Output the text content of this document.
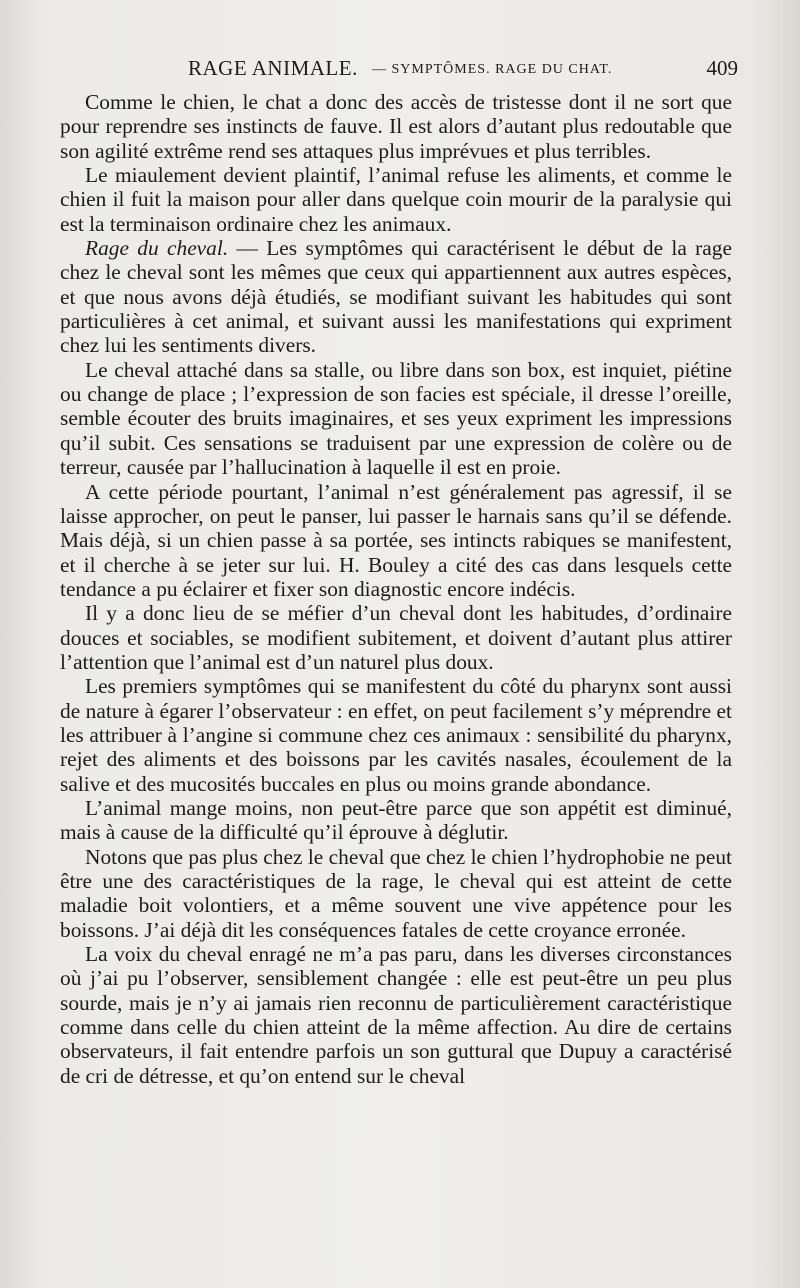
RAGE ANIMALE. — SYMPTÔMES. RAGE DU CHAT.	409

Comme le chien, le chat a donc des accès de tristesse dont il ne sort que pour reprendre ses instincts de fauve. Il est alors d’autant plus redoutable que son agilité extrême rend ses attaques plus imprévues et plus terribles.

Le miaulement devient plaintif, l’animal refuse les aliments, et comme le chien il fuit la maison pour aller dans quelque coin mourir de la paralysie qui est la terminaison ordinaire chez les animaux.

Rage du cheval. — Les symptômes qui caractérisent le début de la rage chez le cheval sont les mêmes que ceux qui appartiennent aux autres espèces, et que nous avons déjà étudiés, se modifiant suivant les habitudes qui sont particulières à cet animal, et suivant aussi les manifestations qui expriment chez lui les sentiments divers.

Le cheval attaché dans sa stalle, ou libre dans son box, est inquiet, piétine ou change de place ; l’expression de son facies est spéciale, il dresse l’oreille, semble écouter des bruits imaginaires, et ses yeux expriment les impressions qu’il subit. Ces sensations se traduisent par une expression de colère ou de terreur, causée par l’hallucination à laquelle il est en proie.

A cette période pourtant, l’animal n’est généralement pas agressif, il se laisse approcher, on peut le panser, lui passer le harnais sans qu’il se défende. Mais déjà, si un chien passe à sa portée, ses intincts rabiques se manifestent, et il cherche à se jeter sur lui. H. Bouley a cité des cas dans lesquels cette tendance a pu éclairer et fixer son diagnostic encore indécis.

Il y a donc lieu de se méfier d’un cheval dont les habitudes, d’ordinaire douces et sociables, se modifient subitement, et doivent d’autant plus attirer l’attention que l’animal est d’un naturel plus doux.

Les premiers symptômes qui se manifestent du côté du pharynx sont aussi de nature à égarer l’observateur : en effet, on peut facilement s’y méprendre et les attribuer à l’angine si commune chez ces animaux : sensibilité du pharynx, rejet des aliments et des boissons par les cavités nasales, écoulement de la salive et des mucosités buccales en plus ou moins grande abondance.

L’animal mange moins, non peut-être parce que son appétit est diminué, mais à cause de la difficulté qu’il éprouve à déglutir.

Notons que pas plus chez le cheval que chez le chien l’hydrophobie ne peut être une des caractéristiques de la rage, le cheval qui est atteint de cette maladie boit volontiers, et a même souvent une vive appétence pour les boissons. J’ai déjà dit les conséquences fatales de cette croyance erronée.

La voix du cheval enragé ne m’a pas paru, dans les diverses circonstances où j’ai pu l’observer, sensiblement changée : elle est peut-être un peu plus sourde, mais je n’y ai jamais rien reconnu de particulièrement caractéristique comme dans celle du chien atteint de la même affection. Au dire de certains observateurs, il fait entendre parfois un son guttural que Dupuy a caractérisé de cri de détresse, et qu’on entend sur le cheval
